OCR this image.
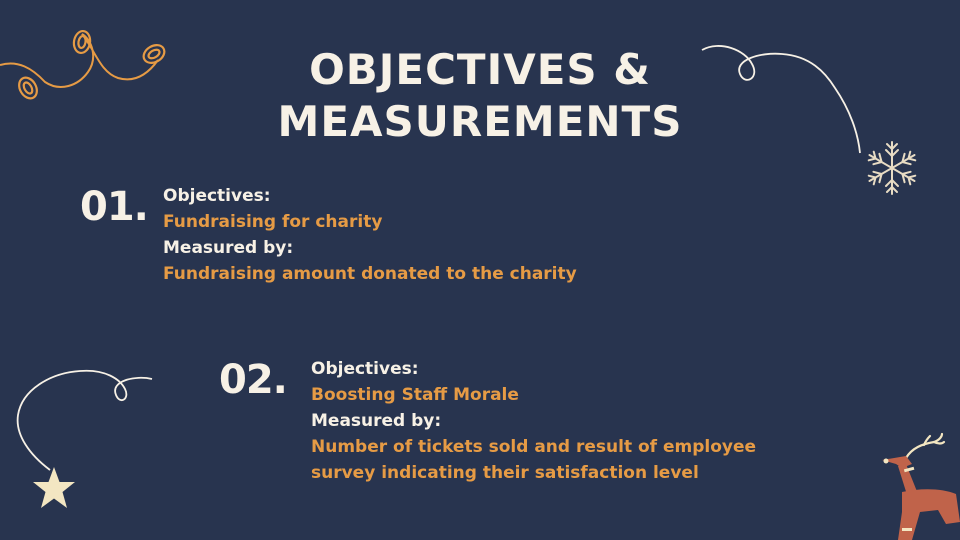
OBJECTIVES &
MEASUREMENTS
01. Objectives:
Fundraising for charity
Measured by:
Fundraising amount donated to the charity
02. Objectives:
Boosting Staff Morale
Measured by:
Number of tickets sold and result of employee
survey indicating their satisfaction level
